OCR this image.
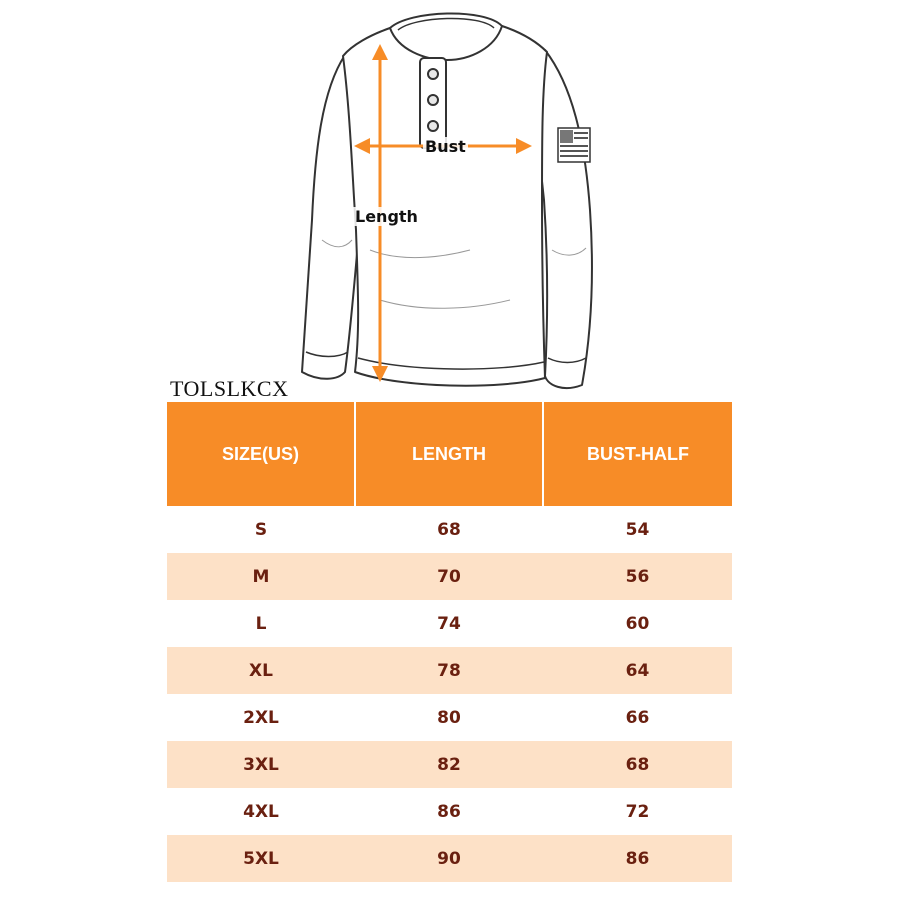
Bust
Length
TOLSLKCX
SIZE(US)	LENGTH	BUST-HALF
S	68	54
M	70	56
L	74	60
XL	78	64
2XL	80	66
3XL	82	68
4XL	86	72
5XL	90	86
